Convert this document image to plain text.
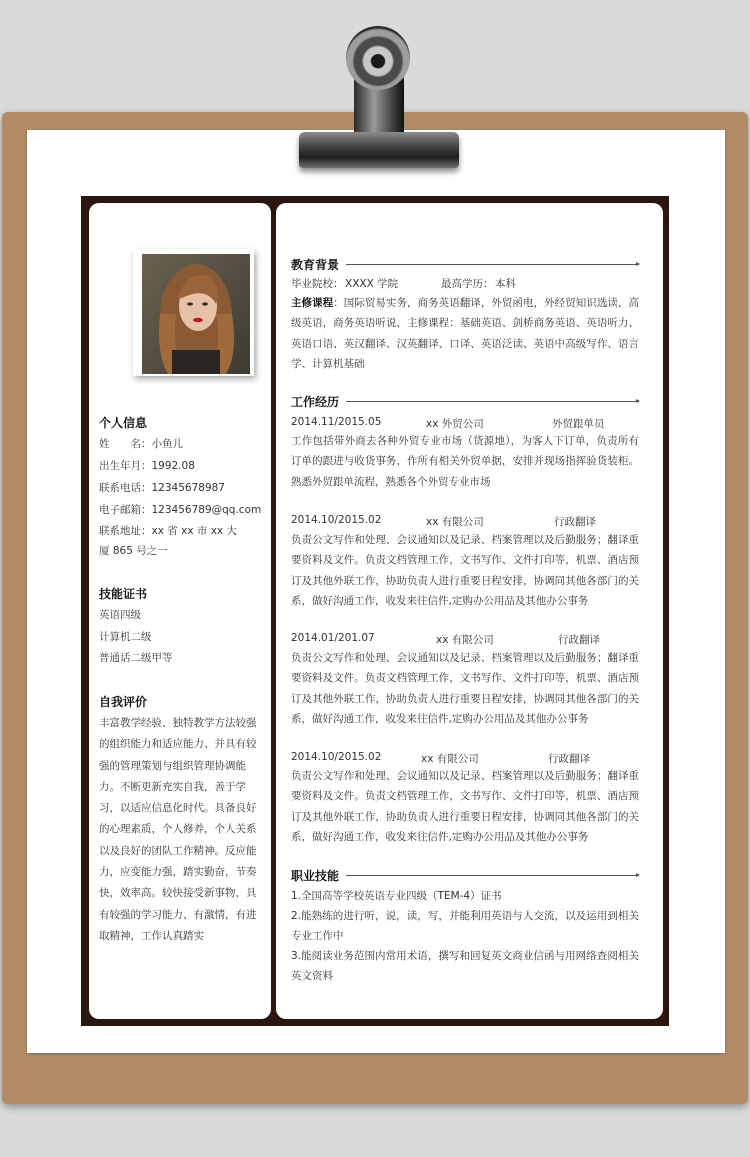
个人信息
姓　　名：小鱼儿
出生年月：1992.08
联系电话：12345678987
电子邮箱：123456789@qq.com
联系地址：xx 省 xx 市 xx 大
厦 865 号之一
技能证书
英语四级
计算机二级
普通话二级甲等
自我评价
丰富教学经验、独特教学方法较强的组织能力和适应能力、并具有较强的管理策划与组织管理协调能力。不断更新充实自我，善于学习，以适应信息化时代。具备良好的心理素质，个人修养，个人关系以及良好的团队工作精神。反应能力，应变能力强，踏实勤奋，节奏快，效率高。较快接受新事物，具有较强的学习能力、有激情，有进取精神，工作认真踏实
教育背景
毕业院校： XXXX 学院	最高学历： 本科
主修课程：国际贸易实务，商务英语翻译，外贸函电，外经贸知识选读，高级英语，商务英语听说，主修课程：基础英语、剑桥商务英语、英语听力、英语口语、英汉翻译、汉英翻译、口译、英语泛读、英语中高级写作、语言学、计算机基础
工作经历
2014.11/2015.05	xx 外贸公司	外贸跟单员
工作包括带外商去各种外贸专业市场（货源地），为客人下订单，负责所有订单的跟进与收货事务，作所有相关外贸单据，安排并现场指挥验货装柜。熟悉外贸跟单流程，熟悉各个外贸专业市场
2014.10/2015.02	xx 有限公司	行政翻译
负责公文写作和处理、会议通知以及记录、档案管理以及后勤服务；翻译重要资料及文件。负责文档管理工作，文书写作、文件打印等，机票、酒店预订及其他外联工作，协助负责人进行重要日程安排，协调同其他各部门的关系，做好沟通工作，收发来往信件,定购办公用品及其他办公事务
2014.01/201.07	xx 有限公司	行政翻译
负责公文写作和处理、会议通知以及记录、档案管理以及后勤服务；翻译重要资料及文件。负责文档管理工作，文书写作、文件打印等，机票、酒店预订及其他外联工作，协助负责人进行重要日程安排，协调同其他各部门的关系，做好沟通工作，收发来往信件,定购办公用品及其他办公事务
2014.10/2015.02	xx 有限公司	行政翻译
负责公文写作和处理、会议通知以及记录、档案管理以及后勤服务；翻译重要资料及文件。负责文档管理工作，文书写作、文件打印等，机票、酒店预订及其他外联工作，协助负责人进行重要日程安排，协调同其他各部门的关系，做好沟通工作，收发来往信件,定购办公用品及其他办公事务
职业技能
1.全国高等学校英语专业四级（TEM-4）证书
2.能熟练的进行听，说，读，写，并能利用英语与人交流，以及运用到相关专业工作中
3.能阅读业务范围内常用术语，撰写和回复英文商业信函与用网络查阅相关英文资料
